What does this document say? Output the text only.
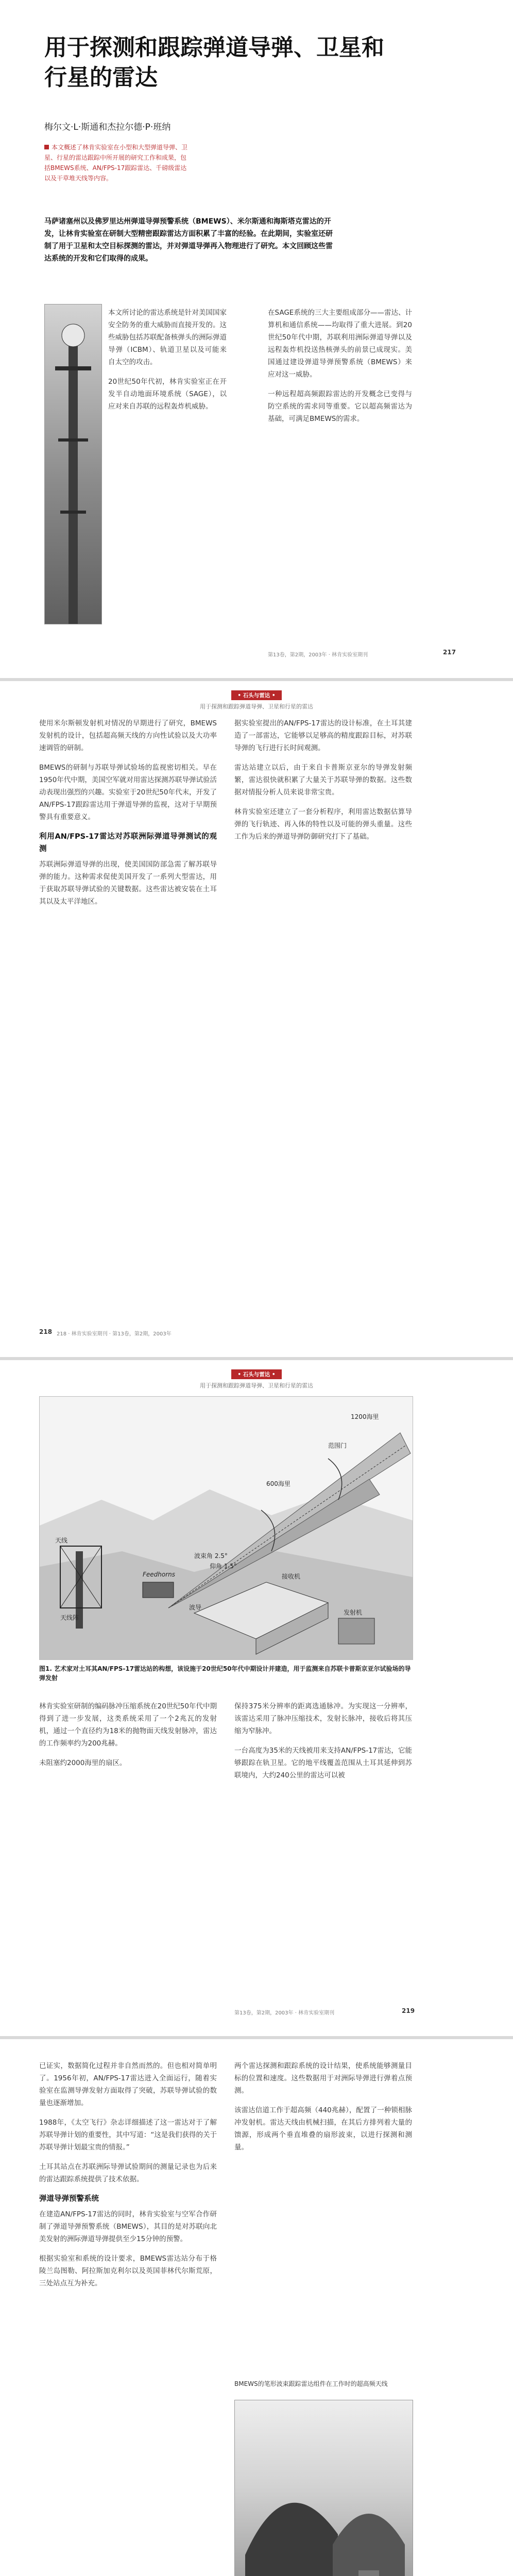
用于探测和跟踪弹道导弹、卫星和行星的雷达
梅尔文·L·斯通和杰拉尔德·P·班纳
本文概述了林肯实验室在小型和大型弹道导弹、卫星、行星的雷达跟踪中所开展的研究工作和成果，包括BMEWS系统、AN/FPS-17跟踪雷达、千磅级雷达以及干草堆天线等内容。
马萨诸塞州以及佛罗里达州弹道导弹预警系统（BMEWS）、米尔斯通和海斯塔克雷达的开发，让林肯实验室在研制大型精密跟踪雷达方面积累了丰富的经验。在此期间，实验室还研制了用于卫星和太空目标探测的雷达，并对弹道导弹再入物理进行了研究。本文回顾这些雷达系统的开发和它们取得的成果。

本文所讨论的雷达系统是针对美国国家安全防务的重大威胁而直接开发的。这些威胁包括苏联配备核弹头的洲际弹道导弹（ICBM）、轨道卫星以及可能来自太空的攻击。

20世纪50年代初，林肯实验室正在开发半自动地面环境系统（SAGE），以应对来自苏联的远程轰炸机威胁。

在SAGE系统的三大主要组成部分——雷达、计算机和通信系统——均取得了重大进展。到20世纪50年代中期，苏联利用洲际弹道导弹以及远程轰炸机投送热核弹头的前景已成现实。美国通过建设弹道导弹预警系统（BMEWS）来应对这一威胁。

一种远程超高频跟踪雷达的开发概念已变得与防空系统的需求同等重要。它以超高频雷达为基础，可满足BMEWS的需求。

第13卷，第2期，2003年 · 林肯实验室期刊	217
• 石头与雷达 •
用于探测和跟踪弹道导弹、卫星和行星的雷达

使用米尔斯顿发射机对情况的早期进行了研究，BMEWS发射机的设计，包括超高频天线的方向性试验以及大功率速调管的研制。

BMEWS的研制与苏联导弹试验场的监视密切相关。早在1950年代中期，美国空军就对用雷达探测苏联导弹试验活动表现出强烈的兴趣。实验室于20世纪50年代末，开发了AN/FPS-17跟踪雷达用于弹道导弹的监视，这对于早期预警具有重要意义。

利用AN/FPS-17雷达对苏联洲际弹道导弹测试的观测

苏联洲际弹道导弹的出现，使美国国防部急需了解苏联导弹的能力。这种需求促使美国开发了一系列大型雷达，用于获取苏联导弹试验的关键数据。这些雷达被安装在土耳其以及太平洋地区。

据实验室提出的AN/FPS-17雷达的设计标准，在土耳其建造了一部雷达，它能够以足够高的精度跟踪目标，对苏联导弹的飞行进行长时间观测。

雷达站建立以后，由于来自卡普斯京亚尔的导弹发射频繁，雷达很快就积累了大量关于苏联导弹的数据。这些数据对情报分析人员来说非常宝贵。

林肯实验室还建立了一套分析程序，利用雷达数据估算导弹的飞行轨迹、再入体的特性以及可能的弹头重量。这些工作为后来的弹道导弹防御研究打下了基础。

218 218 · 林肯实验室期刊 · 第13卷，第2期，2003年
• 石头与雷达 •
用于探测和跟踪弹道导弹、卫星和行星的雷达
1200海里
范围门
600海里
天线
波束角 2.5°
仰角 1.5°
Feedhorns
发射机
接收机
天线阵
波导
图1. 艺术家对土耳其AN/FPS-17雷达站的构想，该设施于20世纪50年代中期设计并建造，用于监测来自苏联卡普斯京亚尔试验场的导弹发射

林肯实验室研制的编码脉冲压缩系统在20世纪50年代中期得到了进一步发展，这类系统采用了一个2兆瓦的发射机，通过一个直径约为18米的抛物面天线发射脉冲，雷达的工作频率约为200兆赫。

未阻塞约2000海里的扇区。

保持375米分辨率的距离选通脉冲。为实现这一分辨率，该雷达采用了脉冲压缩技术，发射长脉冲，接收后将其压缩为窄脉冲。

一台高度为35米的天线被用来支持AN/FPS-17雷达，它能够跟踪在轨卫星。它的地平线覆盖范围从土耳其延伸到苏联境内，大约240公里的雷达可以被

第13卷，第2期，2003年 · 林肯实验室期刊	219

已证实，数据简化过程并非自然而然的。但也相对简单明了。1956年初，AN/FPS-17雷达进入全面运行，随着实验室在监测导弹发射方面取得了突破，苏联导弹试验的数量也逐渐增加。

1988年，《太空飞行》杂志详细描述了这一雷达对于了解苏联导弹计划的重要性，其中写道：“这是我们获得的关于苏联导弹计划最宝贵的情报。”

土耳其站点在苏联洲际导弹试验期间的测量记录也为后来的雷达跟踪系统提供了技术依据。

弹道导弹预警系统

在建造AN/FPS-17雷达的同时，林肯实验室与空军合作研制了弹道导弹预警系统（BMEWS），其目的是对苏联向北美发射的洲际弹道导弹提供至少15分钟的预警。

根据实验室和系统的设计要求，BMEWS雷达站分布于格陵兰岛图勒、阿拉斯加克利尔以及英国菲林代尔斯荒原，三处站点互为补充。

两个雷达探测和跟踪系统的设计结果，使系统能够测量目标的位置和速度。这些数据用于对洲际导弹进行弹着点预测。

该雷达信道工作于超高频（440兆赫），配置了一种锁相脉冲发射机。雷达天线由机械扫描，在其后方排列着大量的馈源，形成两个垂直堆叠的扇形波束，以进行探测和测量。

BMEWS的笔形波束跟踪雷达组件在工作时的超高频天线
